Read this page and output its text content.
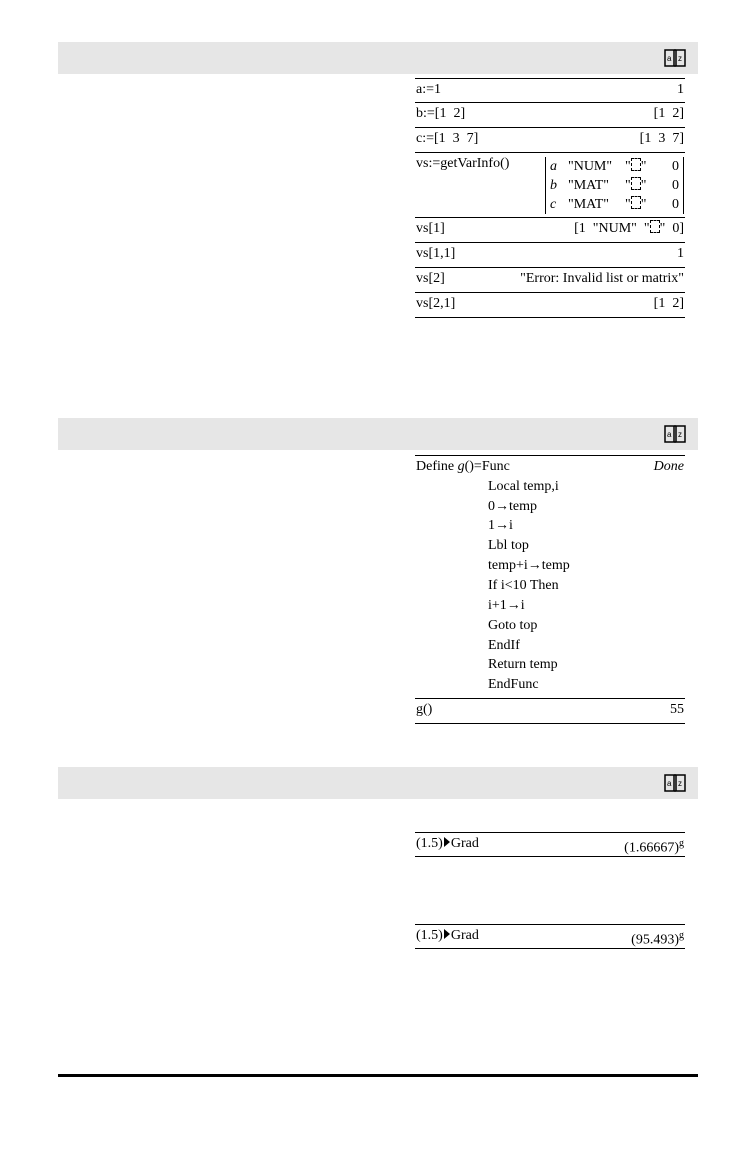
a z
a:=1	1
b:=[1  2]	[1  2]
c:=[1  3  7]	[1  3  7]
vs:=getVarInfo()	a "NUM" " " 0
b "MAT" " " 0
c "MAT" " " 0
vs[1]	[1  "NUM"  " "  0]
vs[1,1]	1
vs[2]	"Error: Invalid list or matrix"
vs[2,1]	[1  2]
a z
Define g()=Func	Done
Local temp,i
0→temp
1→i
Lbl top
temp+i→temp
If i<10 Then
i+1→i
Goto top
EndIf
Return temp
EndFunc
g()	55
a z
(1.5) Grad	$(1.66667)^g$
(1.5) Grad	$(95.493)^g$
